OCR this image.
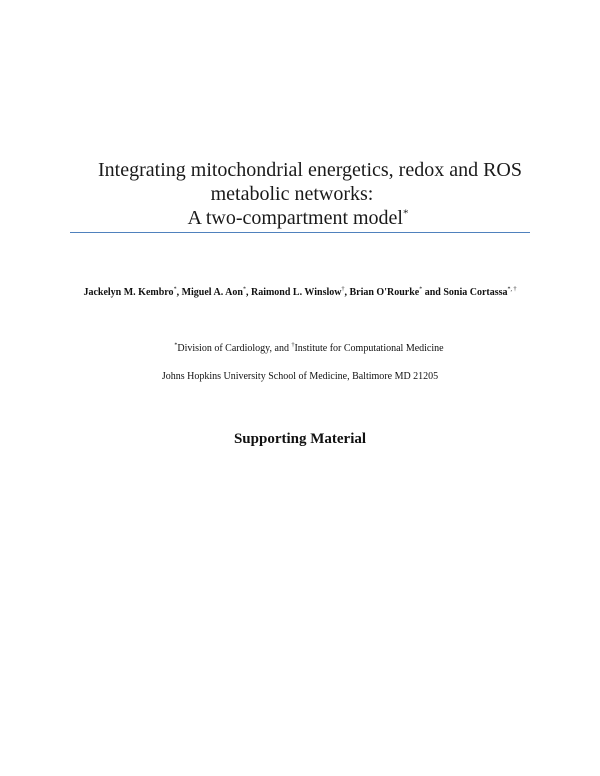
Integrating mitochondrial energetics, redox and ROS
metabolic networks:
A two-compartment model*
Jackelyn M. Kembro*, Miguel A. Aon*, Raimond L. Winslow†, Brian O'Rourke* and Sonia Cortassa*, †
*Division of Cardiology, and †Institute for Computational Medicine
Johns Hopkins University School of Medicine, Baltimore MD 21205
Supporting Material
